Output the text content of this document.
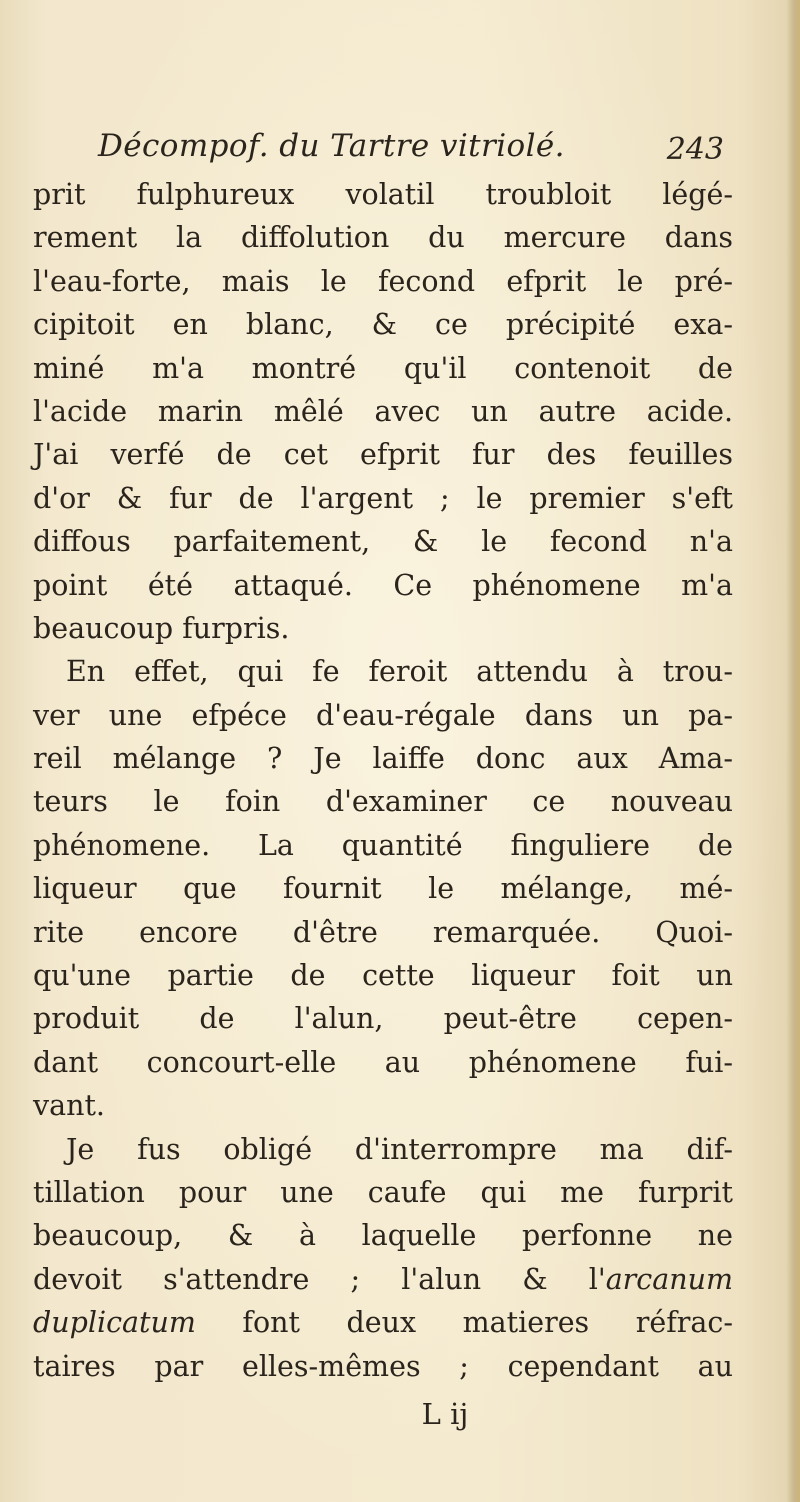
Décompof. du Tartre vitriolé.	243
prit fulphureux volatil troubloit légé-
rement la diffolution du mercure dans
l'eau-forte, mais le fecond efprit le pré-
cipitoit en blanc, & ce précipité exa-
miné m'a montré qu'il contenoit de
l'acide marin mêlé avec un autre acide.
J'ai verfé de cet efprit fur des feuilles
d'or & fur de l'argent ; le premier s'eft
diffous parfaitement, & le fecond n'a
point été attaqué. Ce phénomene m'a
beaucoup furpris.
En effet, qui fe feroit attendu à trou-
ver une efpéce d'eau-régale dans un pa-
reil mélange ? Je laiffe donc aux Ama-
teurs le foin d'examiner ce nouveau
phénomene. La quantité finguliere de
liqueur que fournit le mélange, mé-
rite encore d'être remarquée. Quoi-
qu'une partie de cette liqueur foit un
produit de l'alun, peut-être cepen-
dant concourt-elle au phénomene fui-
vant.
Je fus obligé d'interrompre ma dif-
tillation pour une caufe qui me furprit
beaucoup, & à laquelle perfonne ne
devoit s'attendre ; l'alun & l'arcanum
duplicatum font deux matieres réfrac-
taires par elles-mêmes ; cependant au
L ij
